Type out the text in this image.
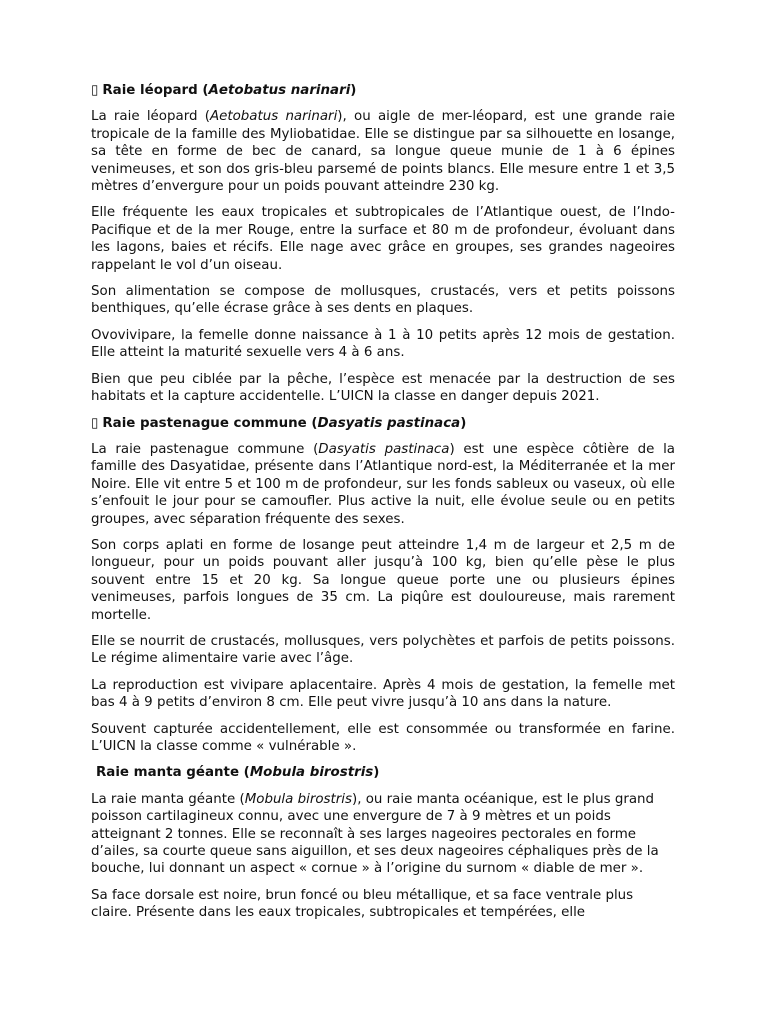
▯ Raie léopard (Aetobatus narinari)

La raie léopard (Aetobatus narinari), ou aigle de mer-léopard, est une grande raie tropicale de la famille des Myliobatidae. Elle se distingue par sa silhouette en losange, sa tête en forme de bec de canard, sa longue queue munie de 1 à 6 épines venimeuses, et son dos gris-bleu parsemé de points blancs. Elle mesure entre 1 et 3,5 mètres d’envergure pour un poids pouvant atteindre 230 kg.

Elle fréquente les eaux tropicales et subtropicales de l’Atlantique ouest, de l’Indo-Pacifique et de la mer Rouge, entre la surface et 80 m de profondeur, évoluant dans les lagons, baies et récifs. Elle nage avec grâce en groupes, ses grandes nageoires rappelant le vol d’un oiseau.

Son alimentation se compose de mollusques, crustacés, vers et petits poissons benthiques, qu’elle écrase grâce à ses dents en plaques.

Ovovivipare, la femelle donne naissance à 1 à 10 petits après 12 mois de gestation. Elle atteint la maturité sexuelle vers 4 à 6 ans.

Bien que peu ciblée par la pêche, l’espèce est menacée par la destruction de ses habitats et la capture accidentelle. L’UICN la classe en danger depuis 2021.

▯ Raie pastenague commune (Dasyatis pastinaca)

La raie pastenague commune (Dasyatis pastinaca) est une espèce côtière de la famille des Dasyatidae, présente dans l’Atlantique nord-est, la Méditerranée et la mer Noire. Elle vit entre 5 et 100 m de profondeur, sur les fonds sableux ou vaseux, où elle s’enfouit le jour pour se camoufler. Plus active la nuit, elle évolue seule ou en petits groupes, avec séparation fréquente des sexes.

Son corps aplati en forme de losange peut atteindre 1,4 m de largeur et 2,5 m de longueur, pour un poids pouvant aller jusqu’à 100 kg, bien qu’elle pèse le plus souvent entre 15 et 20 kg. Sa longue queue porte une ou plusieurs épines venimeuses, parfois longues de 35 cm. La piqûre est douloureuse, mais rarement mortelle.

Elle se nourrit de crustacés, mollusques, vers polychètes et parfois de petits poissons. Le régime alimentaire varie avec l’âge.

La reproduction est vivipare aplacentaire. Après 4 mois de gestation, la femelle met bas 4 à 9 petits d’environ 8 cm. Elle peut vivre jusqu’à 10 ans dans la nature.

Souvent capturée accidentellement, elle est consommée ou transformée en farine. L’UICN la classe comme « vulnérable ».

Raie manta géante (Mobula birostris)

La raie manta géante (Mobula birostris), ou raie manta océanique, est le plus grand poisson cartilagineux connu, avec une envergure de 7 à 9 mètres et un poids atteignant 2 tonnes. Elle se reconnaît à ses larges nageoires pectorales en forme d’ailes, sa courte queue sans aiguillon, et ses deux nageoires céphaliques près de la bouche, lui donnant un aspect « cornue » à l’origine du surnom « diable de mer ».

Sa face dorsale est noire, brun foncé ou bleu métallique, et sa face ventrale plus claire. Présente dans les eaux tropicales, subtropicales et tempérées, elle
